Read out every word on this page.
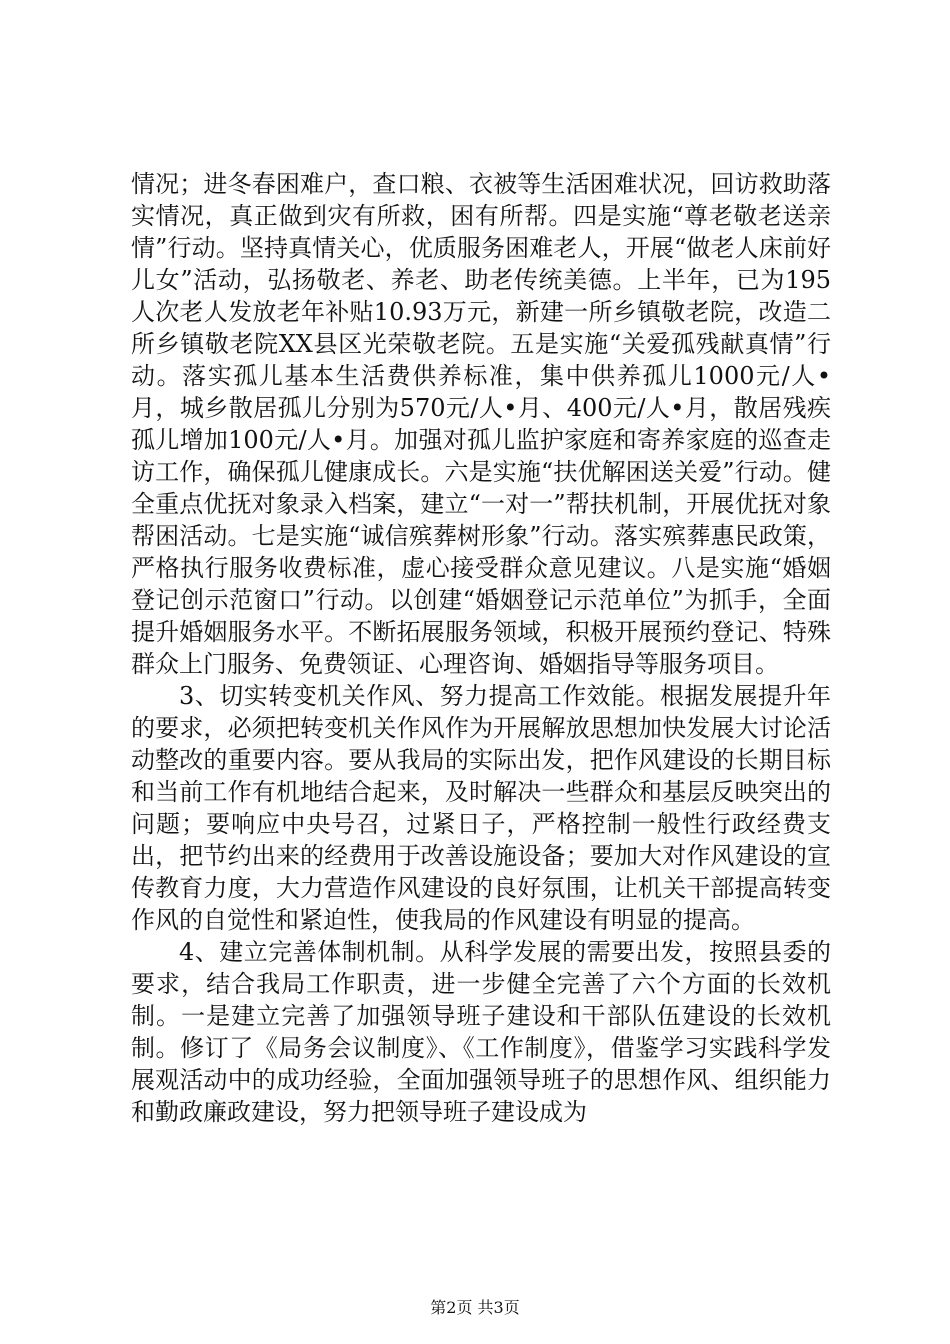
情况；进冬春困难户，查口粮、衣被等生活困难状况，回访救助落实情况，真正做到灾有所救，困有所帮。四是实施“尊老敬老送亲情”行动。坚持真情关心，优质服务困难老人，开展“做老人床前好儿女”活动，弘扬敬老、养老、助老传统美德。上半年，已为195人次老人发放老年补贴10.93万元，新建一所乡镇敬老院，改造二所乡镇敬老院XX县区光荣敬老院。五是实施“关爱孤残献真情”行动。落实孤儿基本生活费供养标准，集中供养孤儿1000元/人•月，城乡散居孤儿分别为570元/人•月、400元/人•月，散居残疾孤儿增加100元/人•月。加强对孤儿监护家庭和寄养家庭的巡查走访工作，确保孤儿健康成长。六是实施“扶优解困送关爱”行动。健全重点优抚对象录入档案，建立“一对一”帮扶机制，开展优抚对象帮困活动。七是实施“诚信殡葬树形象”行动。落实殡葬惠民政策，严格执行服务收费标准，虚心接受群众意见建议。八是实施“婚姻登记创示范窗口”行动。以创建“婚姻登记示范单位”为抓手，全面提升婚姻服务水平。不断拓展服务领域，积极开展预约登记、特殊群众上门服务、免费领证、心理咨询、婚姻指导等服务项目。

3、切实转变机关作风、努力提高工作效能。根据发展提升年的要求，必须把转变机关作风作为开展解放思想加快发展大讨论活动整改的重要内容。要从我局的实际出发，把作风建设的长期目标和当前工作有机地结合起来，及时解决一些群众和基层反映突出的问题；要响应中央号召，过紧日子，严格控制一般性行政经费支出，把节约出来的经费用于改善设施设备；要加大对作风建设的宣传教育力度，大力营造作风建设的良好氛围，让机关干部提高转变作风的自觉性和紧迫性，使我局的作风建设有明显的提高。

4、建立完善体制机制。从科学发展的需要出发，按照县委的要求，结合我局工作职责，进一步健全完善了六个方面的长效机制。一是建立完善了加强领导班子建设和干部队伍建设的长效机制。修订了《局务会议制度》、《工作制度》，借鉴学习实践科学发展观活动中的成功经验，全面加强领导班子的思想作风、组织能力和勤政廉政建设，努力把领导班子建设成为

第2页 共3页
